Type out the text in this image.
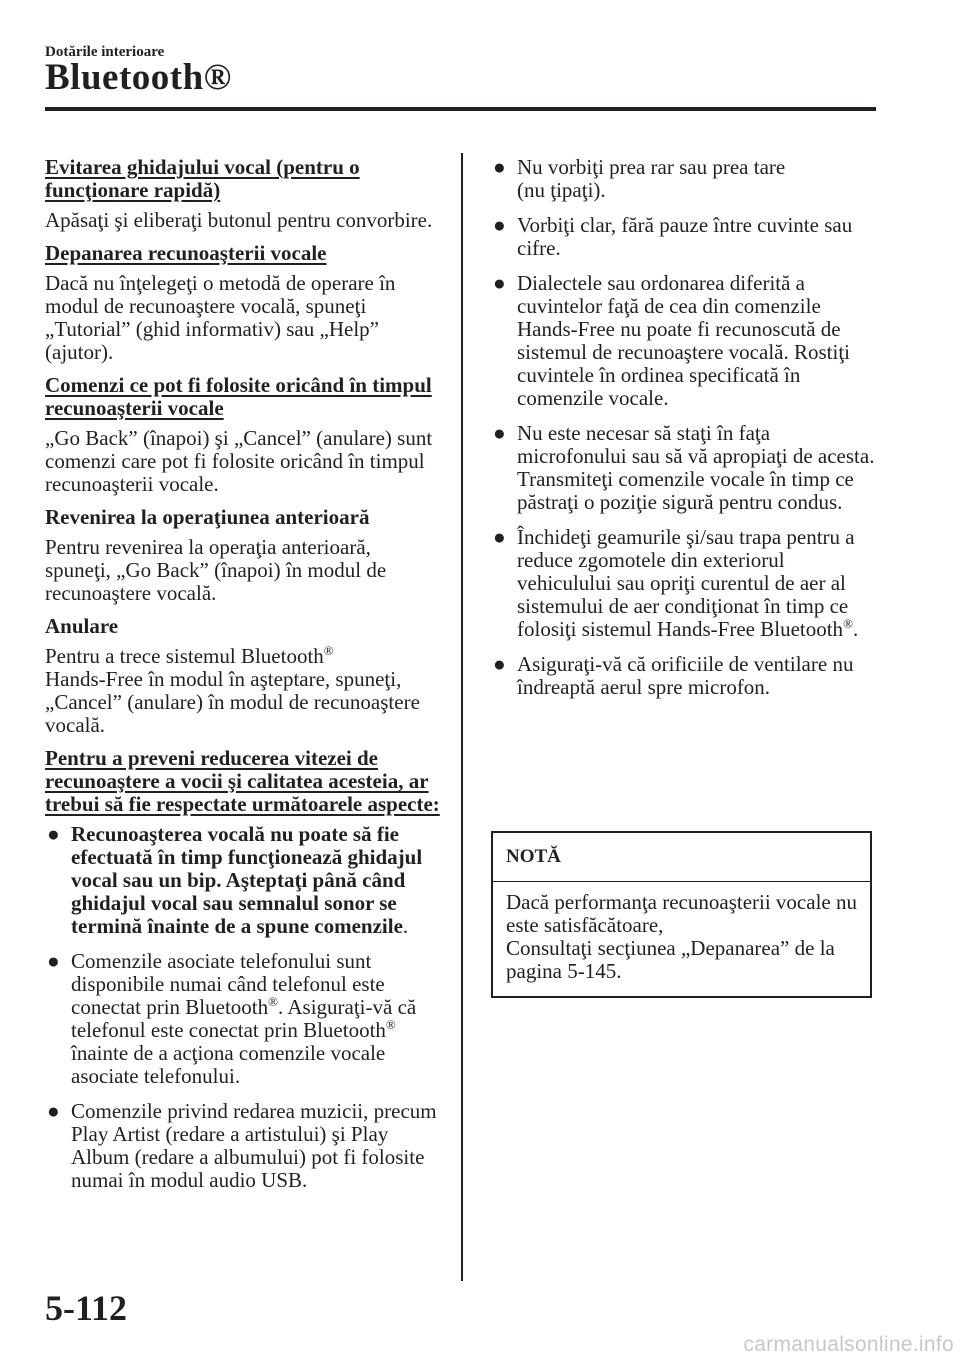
Dotările interioare
Bluetooth®
Evitarea ghidajului vocal (pentru o funcţionare rapidă)
Apăsaţi şi eliberaţi butonul pentru convorbire.
Depanarea recunoaşterii vocale
Dacă nu înţelegeţi o metodă de operare în modul de recunoaştere vocală, spuneţi „Tutorial” (ghid informativ) sau „Help” (ajutor).
Comenzi ce pot fi folosite oricând în timpul recunoaşterii vocale
„Go Back” (înapoi) şi „Cancel” (anulare) sunt comenzi care pot fi folosite oricând în timpul recunoaşterii vocale.
Revenirea la operaţiunea anterioară
Pentru revenirea la operaţia anterioară, spuneţi, „Go Back” (înapoi) în modul de recunoaştere vocală.
Anulare
Pentru a trece sistemul Bluetooth®
Hands-Free în modul în aşteptare, spuneţi, „Cancel” (anulare) în modul de recunoaştere vocală.
Pentru a preveni reducerea vitezei de recunoaştere a vocii şi calitatea acesteia, ar trebui să fie respectate următoarele aspecte:
● Recunoaşterea vocală nu poate să fie efectuată în timp funcţionează ghidajul vocal sau un bip. Aşteptaţi până când ghidajul vocal sau semnalul sonor se termină înainte de a spune comenzile.
● Comenzile asociate telefonului sunt disponibile numai când telefonul este conectat prin Bluetooth®. Asiguraţi-vă că telefonul este conectat prin Bluetooth® înainte de a acţiona comenzile vocale asociate telefonului.
● Comenzile privind redarea muzicii, precum Play Artist (redare a artistului) şi Play Album (redare a albumului) pot fi folosite numai în modul audio USB.
● Nu vorbiţi prea rar sau prea tare
(nu ţipaţi).
● Vorbiţi clar, fără pauze între cuvinte sau cifre.
● Dialectele sau ordonarea diferită a cuvintelor faţă de cea din comenzile Hands-Free nu poate fi recunoscută de sistemul de recunoaştere vocală. Rostiţi cuvintele în ordinea specificată în comenzile vocale.
● Nu este necesar să staţi în faţa microfonului sau să vă apropiaţi de acesta. Transmiteţi comenzile vocale în timp ce păstraţi o poziţie sigură pentru condus.
● Închideţi geamurile şi/sau trapa pentru a reduce zgomotele din exteriorul vehiculului sau opriţi curentul de aer al sistemului de aer condiţionat în timp ce folosiţi sistemul Hands-Free Bluetooth®.
● Asiguraţi-vă că orificiile de ventilare nu îndreaptă aerul spre microfon.
NOTĂ
Dacă performanţa recunoaşterii vocale nu este satisfăcătoare,
Consultaţi secţiunea „Depanarea” de la pagina 5-145.
5-112
carmanualsonline.info
